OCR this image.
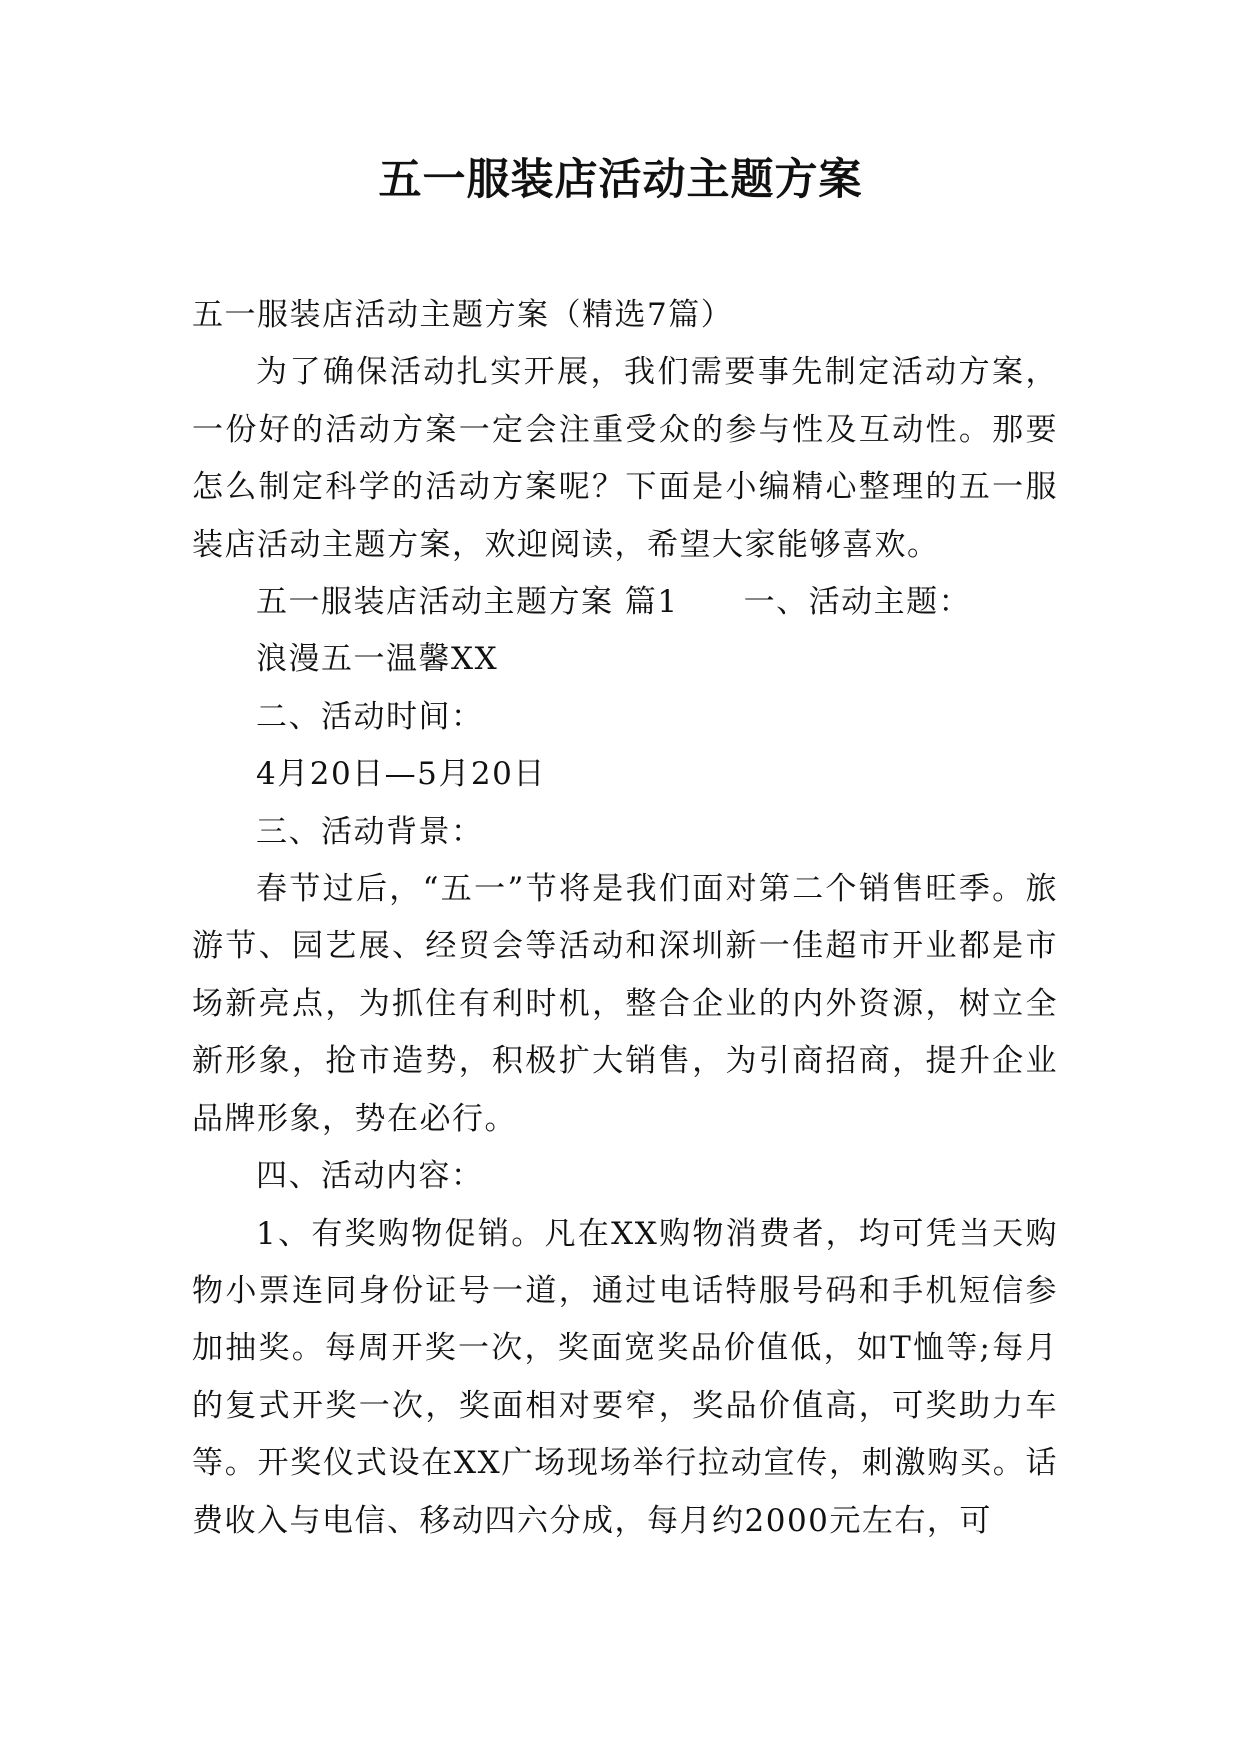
五一服装店活动主题方案

五一服装店活动主题方案（精选7篇）

为了确保活动扎实开展，我们需要事先制定活动方案，一份好的活动方案一定会注重受众的参与性及互动性。那要怎么制定科学的活动方案呢？下面是小编精心整理的五一服装店活动主题方案，欢迎阅读，希望大家能够喜欢。

五一服装店活动主题方案 篇1　　一、活动主题：

浪漫五一温馨XX

二、活动时间：

4月20日—5月20日

三、活动背景：

春节过后，“五一”节将是我们面对第二个销售旺季。旅游节、园艺展、经贸会等活动和深圳新一佳超市开业都是市场新亮点，为抓住有利时机，整合企业的内外资源，树立全新形象，抢市造势，积极扩大销售，为引商招商，提升企业品牌形象，势在必行。

四、活动内容：

1、有奖购物促销。凡在XX购物消费者，均可凭当天购物小票连同身份证号一道，通过电话特服号码和手机短信参加抽奖。每周开奖一次，奖面宽奖品价值低，如T恤等;每月的复式开奖一次，奖面相对要窄，奖品价值高，可奖助力车等。开奖仪式设在XX广场现场举行拉动宣传，刺激购买。话费收入与电信、移动四六分成，每月约2000元左右，可
